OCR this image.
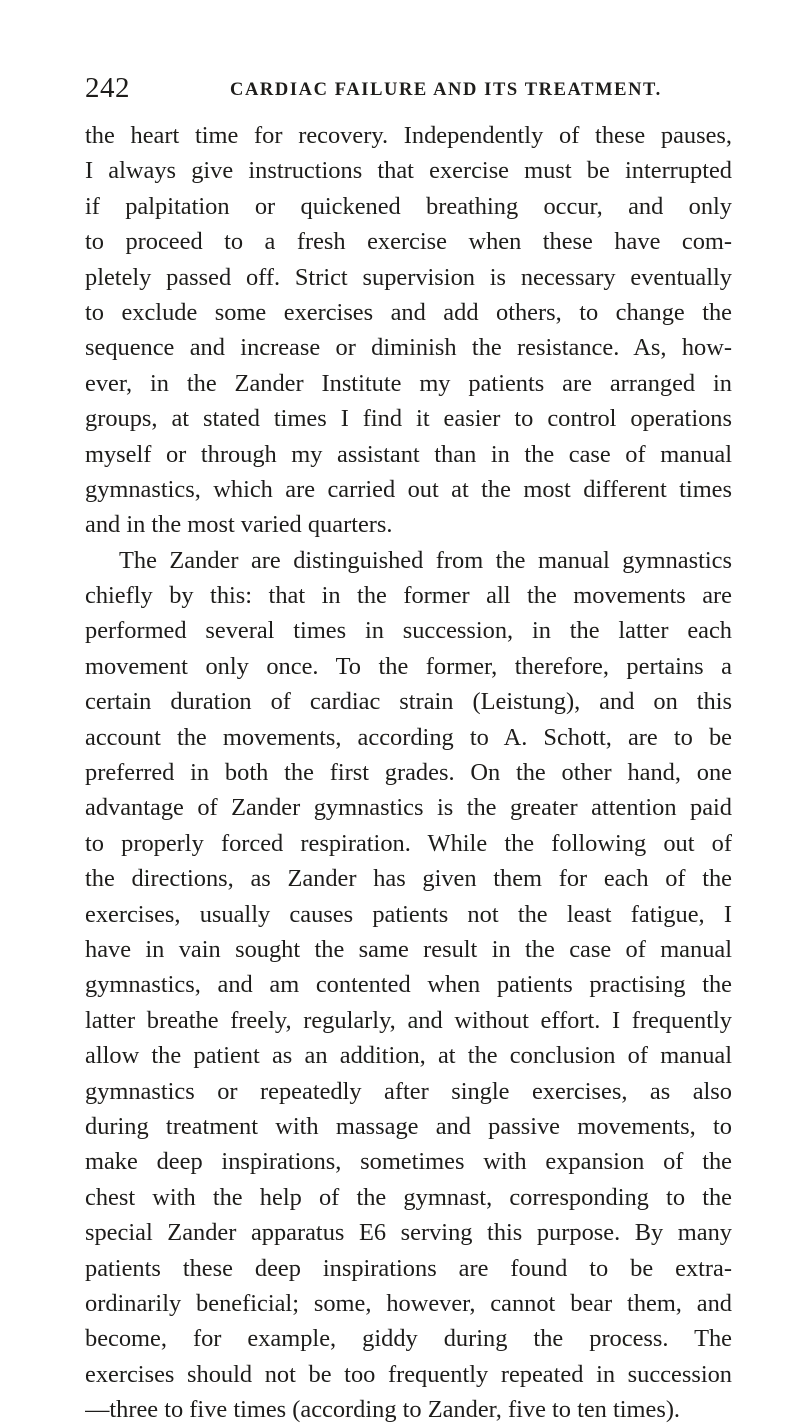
242	CARDIAC FAILURE AND ITS TREATMENT.
the heart time for recovery. Independently of these pauses,
I always give instructions that exercise must be interrupted
if palpitation or quickened breathing occur, and only
to proceed to a fresh exercise when these have com-
pletely passed off. Strict supervision is necessary eventually
to exclude some exercises and add others, to change the
sequence and increase or diminish the resistance. As, how-
ever, in the Zander Institute my patients are arranged in
groups, at stated times I find it easier to control operations
myself or through my assistant than in the case of manual
gymnastics, which are carried out at the most different times
and in the most varied quarters.
The Zander are distinguished from the manual gymnastics
chiefly by this: that in the former all the movements are
performed several times in succession, in the latter each
movement only once. To the former, therefore, pertains a
certain duration of cardiac strain (Leistung), and on this
account the movements, according to A. Schott, are to be
preferred in both the first grades. On the other hand, one
advantage of Zander gymnastics is the greater attention paid
to properly forced respiration. While the following out of
the directions, as Zander has given them for each of the
exercises, usually causes patients not the least fatigue, I
have in vain sought the same result in the case of manual
gymnastics, and am contented when patients practising the
latter breathe freely, regularly, and without effort. I frequently
allow the patient as an addition, at the conclusion of manual
gymnastics or repeatedly after single exercises, as also
during treatment with massage and passive movements, to
make deep inspirations, sometimes with expansion of the
chest with the help of the gymnast, corresponding to the
special Zander apparatus E6 serving this purpose. By many
patients these deep inspirations are found to be extra-
ordinarily beneficial; some, however, cannot bear them, and
become, for example, giddy during the process. The
exercises should not be too frequently repeated in succession
—three to five times (according to Zander, five to ten times).
